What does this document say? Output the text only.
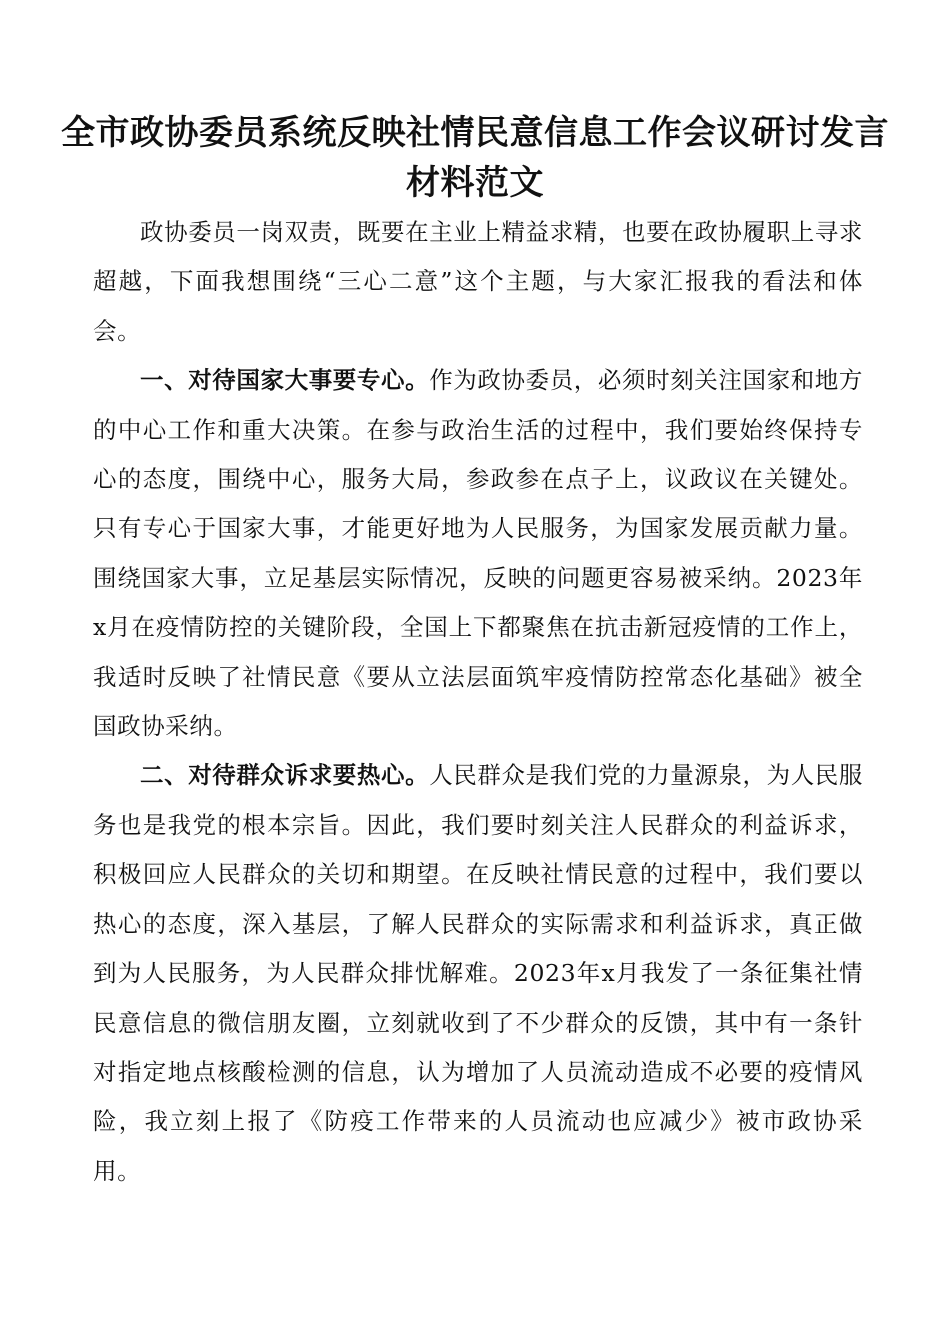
全市政协委员系统反映社情民意信息工作会议研讨发言材料范文

政协委员一岗双责，既要在主业上精益求精，也要在政协履职上寻求超越，下面我想围绕“三心二意”这个主题，与大家汇报我的看法和体会。

一、对待国家大事要专心。作为政协委员，必须时刻关注国家和地方的中心工作和重大决策。在参与政治生活的过程中，我们要始终保持专心的态度，围绕中心，服务大局，参政参在点子上，议政议在关键处。只有专心于国家大事，才能更好地为人民服务，为国家发展贡献力量。围绕国家大事，立足基层实际情况，反映的问题更容易被采纳。2023年x月在疫情防控的关键阶段，全国上下都聚焦在抗击新冠疫情的工作上，我适时反映了社情民意《要从立法层面筑牢疫情防控常态化基础》被全国政协采纳。

二、对待群众诉求要热心。人民群众是我们党的力量源泉，为人民服务也是我党的根本宗旨。因此，我们要时刻关注人民群众的利益诉求，积极回应人民群众的关切和期望。在反映社情民意的过程中，我们要以热心的态度，深入基层，了解人民群众的实际需求和利益诉求，真正做到为人民服务，为人民群众排忧解难。2023年x月我发了一条征集社情民意信息的微信朋友圈，立刻就收到了不少群众的反馈，其中有一条针对指定地点核酸检测的信息，认为增加了人员流动造成不必要的疫情风险，我立刻上报了《防疫工作带来的人员流动也应减少》被市政协采用。
